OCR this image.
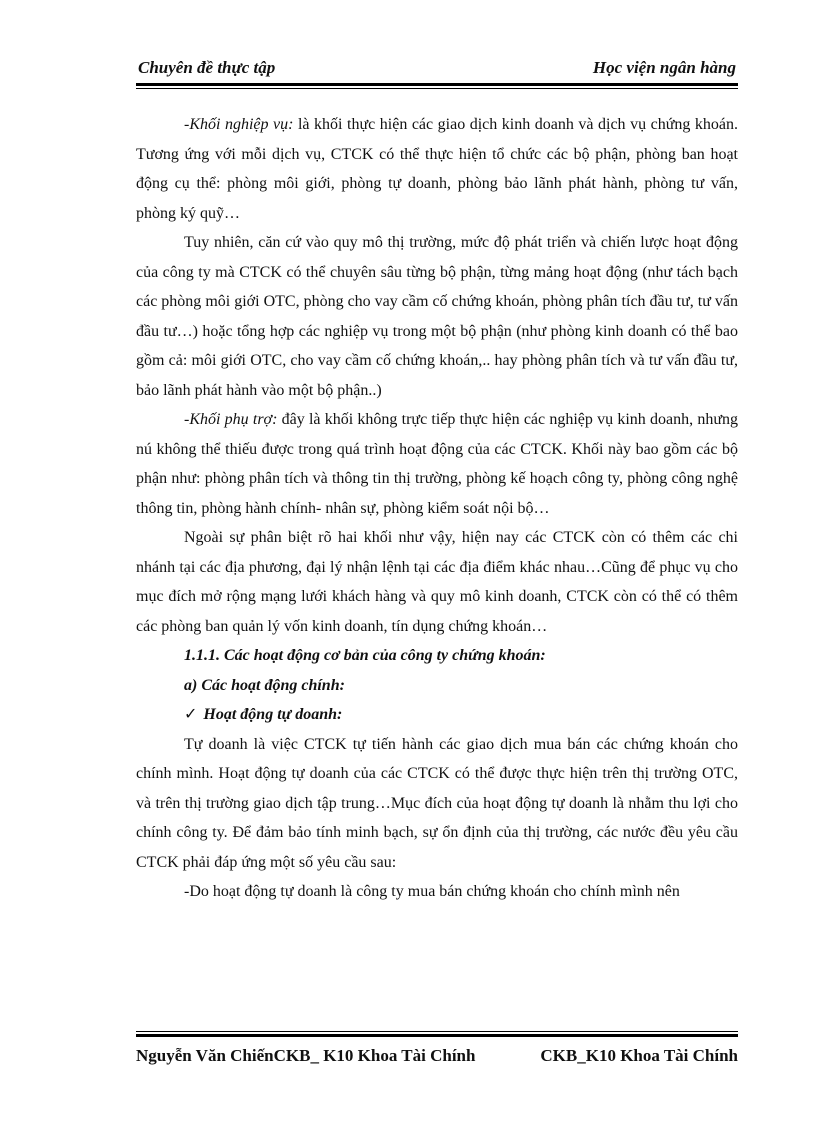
Chuyên đề thực tập	Học viện ngân hàng

-Khối nghiệp vụ: là khối thực hiện các giao dịch kinh doanh và dịch vụ chứng khoán. Tương ứng với mỗi dịch vụ, CTCK có thể thực hiện tổ chức các bộ phận, phòng ban hoạt động cụ thể: phòng môi giới, phòng tự doanh, phòng bảo lãnh phát hành, phòng tư vấn, phòng ký quỹ…

Tuy nhiên, căn cứ vào quy mô thị trường, mức độ phát triển và chiến lược hoạt động của công ty mà CTCK có thể chuyên sâu từng bộ phận, từng mảng hoạt động (như tách bạch các phòng môi giới OTC, phòng cho vay cầm cố chứng khoán, phòng phân tích đầu tư, tư vấn đầu tư…) hoặc tổng hợp các nghiệp vụ trong một bộ phận (như phòng kinh doanh có thể bao gồm cả: môi giới OTC, cho vay cầm cố chứng khoán,.. hay phòng phân tích và tư vấn đầu tư, bảo lãnh phát hành vào một bộ phận..)

-Khối phụ trợ: đây là khối không trực tiếp thực hiện các nghiệp vụ kinh doanh, nhưng nú không thể thiếu được trong quá trình hoạt động của các CTCK. Khối này bao gồm các bộ phận như: phòng phân tích và thông tin thị trường, phòng kế hoạch công ty, phòng công nghệ thông tin, phòng hành chính- nhân sự, phòng kiểm soát nội bộ…

Ngoài sự phân biệt rõ hai khối như vậy, hiện nay các CTCK còn có thêm các chi nhánh tại các địa phương, đại lý nhận lệnh tại các địa điểm khác nhau…Cũng để phục vụ cho mục đích mở rộng mạng lưới khách hàng và quy mô kinh doanh, CTCK còn có thể có thêm các phòng ban quản lý vốn kinh doanh, tín dụng chứng khoán…

1.1.1. Các hoạt động cơ bản của công ty chứng khoán:

a) Các hoạt động chính:

✓ Hoạt động tự doanh:

Tự doanh là việc CTCK tự tiến hành các giao dịch mua bán các chứng khoán cho chính mình. Hoạt động tự doanh của các CTCK có thể được thực hiện trên thị trường OTC, và trên thị trường giao dịch tập trung…Mục đích của hoạt động tự doanh là nhằm thu lợi cho chính công ty. Để đảm bảo tính minh bạch, sự ổn định của thị trường, các nước đều yêu cầu CTCK phải đáp ứng một số yêu cầu sau:

-Do hoạt động tự doanh là công ty mua bán chứng khoán cho chính mình nên

Nguyễn Văn ChiếnCKB_ K10 Khoa Tài Chính	CKB_K10 Khoa Tài Chính
